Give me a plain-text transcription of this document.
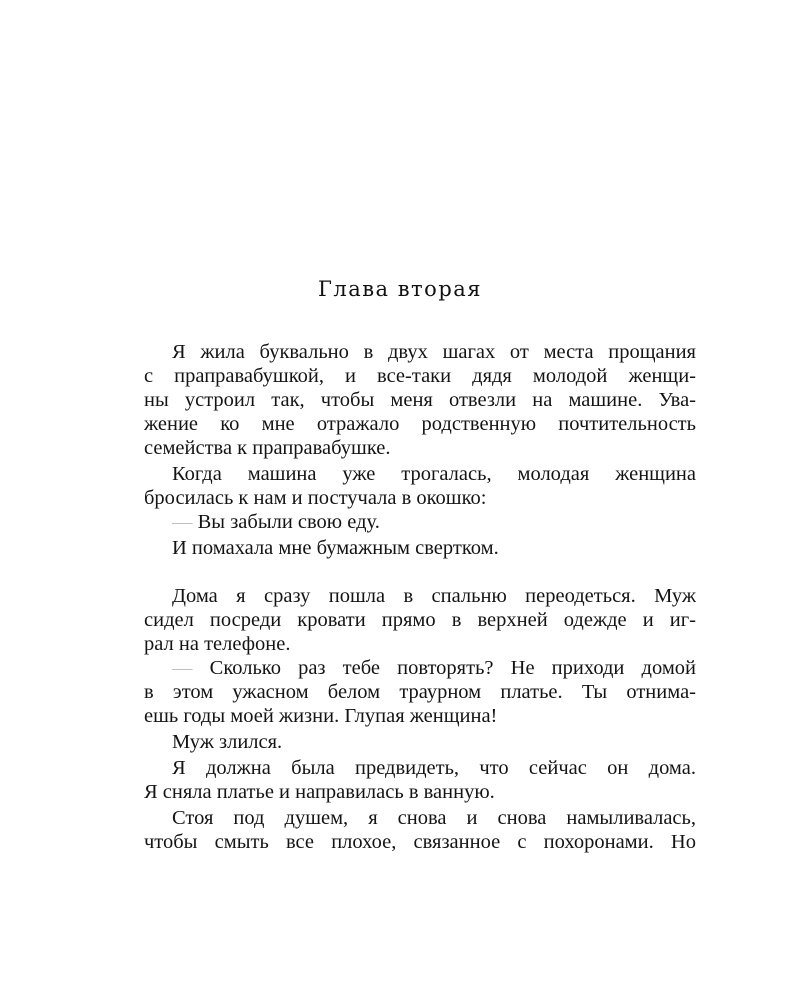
Глава вторая
Я жила буквально в двух шагах от места прощания
с праправабушкой, и все-таки дядя молодой женщи-
ны устроил так, чтобы меня отвезли на машине. Ува-
жение ко мне отражало родственную почтительность
семейства к праправабушке.
Когда машина уже трогалась, молодая женщина
бросилась к нам и постучала в окошко:
— Вы забыли свою еду.
И помахала мне бумажным свертком.
Дома я сразу пошла в спальню переодеться. Муж
сидел посреди кровати прямо в верхней одежде и иг-
рал на телефоне.
— Сколько раз тебе повторять? Не приходи домой
в этом ужасном белом траурном платье. Ты отнима-
ешь годы моей жизни. Глупая женщина!
Муж злился.
Я должна была предвидеть, что сейчас он дома.
Я сняла платье и направилась в ванную.
Стоя под душем, я снова и снова намыливалась,
чтобы смыть все плохое, связанное с похоронами. Но
